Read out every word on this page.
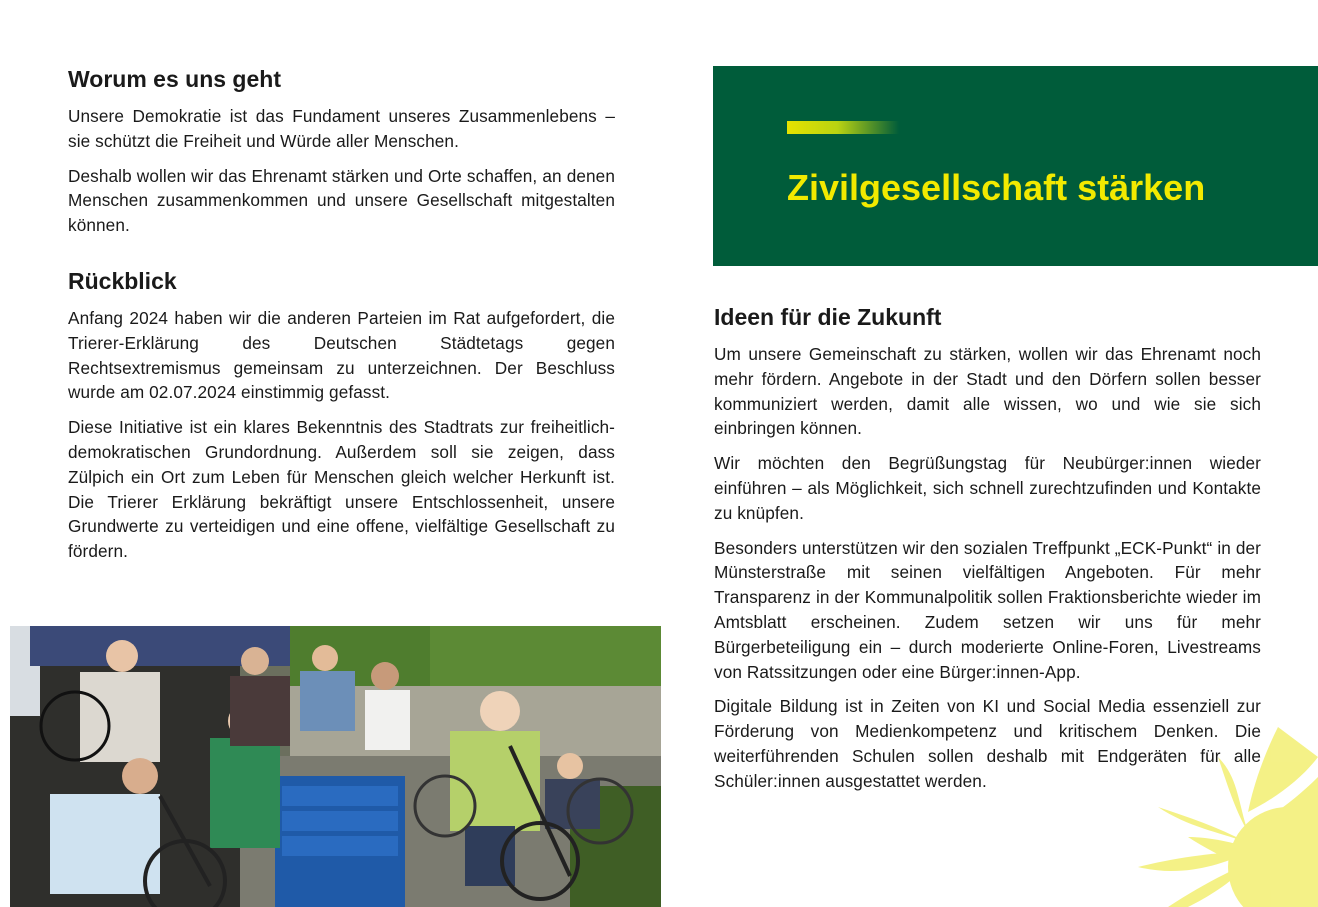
Worum es uns geht

Unsere Demokratie ist das Fundament unseres Zusammenlebens – sie schützt die Freiheit und Würde aller Menschen.

Deshalb wollen wir das Ehrenamt stärken und Orte schaffen, an denen Menschen zusammenkommen und unsere Gesellschaft mitgestalten können.

Rückblick

Anfang 2024 haben wir die anderen Parteien im Rat aufgefordert, die Trierer-Erklärung des Deutschen Städtetags gegen Rechtsextremismus gemeinsam zu unterzeichnen. Der Beschluss wurde am 02.07.2024 einstimmig gefasst.

Diese Initiative ist ein klares Bekenntnis des Stadtrats zur freiheitlich-demokratischen Grundordnung. Außerdem soll sie zeigen, dass Zülpich ein Ort zum Leben für Menschen gleich welcher Herkunft ist. Die Trierer Erklärung bekräftigt unsere Entschlossenheit, unsere Grundwerte zu verteidigen und eine offene, vielfältige Gesellschaft zu fördern.

Zivilgesellschaft stärken
Ideen für die Zukunft

Um unsere Gemeinschaft zu stärken, wollen wir das Ehrenamt noch mehr fördern. Angebote in der Stadt und den Dörfern sollen besser kommuniziert werden, damit alle wissen, wo und wie sie sich einbringen können.

Wir möchten den Begrüßungstag für Neubürger:innen wieder einführen – als Möglichkeit, sich schnell zurechtzufinden und Kontakte zu knüpfen.

Besonders unterstützen wir den sozialen Treffpunkt „ECK-Punkt“ in der Münsterstraße mit seinen vielfältigen Angeboten. Für mehr Transparenz in der Kommunalpolitik sollen Fraktionsberichte wieder im Amtsblatt erscheinen. Zudem setzen wir uns für mehr Bürgerbeteiligung ein – durch moderierte Online-Foren, Livestreams von Ratssitzungen oder eine Bürger:innen-App.

Digitale Bildung ist in Zeiten von KI und Social Media essenziell zur Förderung von Medienkompetenz und kritischem Denken. Die weiterführenden Schulen sollen deshalb mit Endgeräten für alle Schüler:innen ausgestattet werden.
